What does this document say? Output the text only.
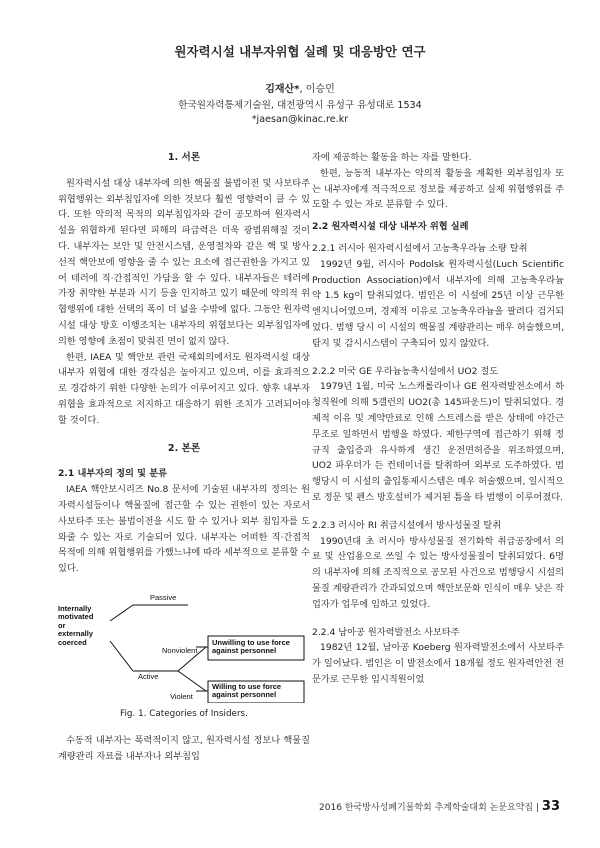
원자력시설 내부자위협 실례 및 대응방안 연구
김재산*, 이승민
한국원자력통제기술원, 대전광역시 유성구 유성대로 1534
*jaesan@kinac.re.kr

1. 서론

원자력시설 대상 내부자에 의한 핵물질 불법이전 및 사보타주 위협행위는 외부침입자에 의한 것보다 훨씬 영향력이 클 수 있다. 또한 악의적 목적의 외부침입자와 같이 공모하여 원자력시설을 위협하게 된다면 피해의 파급력은 더욱 광범위해질 것이다. 내부자는 보안 및 안전시스템, 운영절차와 같은 핵 및 방사선적 핵안보에 영향을 줄 수 있는 요소에 접근권한을 가지고 있어 테러에 직·간접적인 가담을 할 수 있다. 내부자들은 테러에 가장 취약한 부분과 시기 등을 인지하고 있기 때문에 악의적 위협행위에 대한 선택의 폭이 더 넓을 수밖에 없다. 그동안 원자력시설 대상 방호 이행조치는 내부자의 위협보다는 외부침입자에 의한 영향에 초점이 맞춰진 면이 없지 않다.

한편, IAEA 및 핵안보 관련 국제회의에서도 원자력시설 대상 내부자 위협에 대한 경각심은 높아지고 있으며, 이를 효과적으로 경감하기 위한 다양한 논의가 이루어지고 있다. 향후 내부자 위협을 효과적으로 저지하고 대응하기 위한 조치가 고려되어야 할 것이다.

2. 본론

2.1 내부자의 정의 및 분류

IAEA 핵안보시리즈 No.8 문서에 기술된 내부자의 정의는 원자력시설등이나 핵물질에 접근할 수 있는 권한이 있는 자로서 사보타주 또는 불법이전을 시도 할 수 있거나 외부 침입자를 도와줄 수 있는 자로 기술되어 있다. 내부자는 어떠한 직·간접적 목적에 의해 위협행위를 가했느냐에 따라 세부적으로 분류할 수 있다.

Internally
motivated
or
externally
coerced
Passive
Active
Nonviolent
Violent
Unwilling to use force
against personnel
Willing to use force
against personnel

Fig. 1. Categories of Insiders.

수동적 내부자는 폭력적이지 않고, 원자력시설 정보나 핵물질 계량관리 자료를 내부자나 외부침입

자에 제공하는 활동을 하는 자를 말한다.

한편, 능동적 내부자는 악의적 활동을 계획한 외부침입자 또는 내부자에게 적극적으로 정보를 제공하고 실제 위협행위를 주도할 수 있는 자로 분류할 수 있다.

2.2 원자력시설 대상 내부자 위협 실례

2.2.1 러시아 원자력시설에서 고농축우라늄 소량 탈취

1992년 9월, 러시아 Podolsk 원자력시설(Luch Scientific Production Association)에서 내부자에 의해 고농축우라늄 약 1.5 kg이 탈취되었다. 범인은 이 시설에 25년 이상 근무한 엔지니어였으며, 경제적 이유로 고농축우라늄을 팔려다 검거되었다. 범행 당시 이 시설의 핵물질 계량관리는 매우 허술했으며, 탐지 및 감시시스템이 구축되어 있지 않았다.

2.2.2 미국 GE 우라늄농축시설에서 UO2 절도

1979년 1월, 미국 노스캐롤라이나 GE 원자력발전소에서 하청직원에 의해 5갤런의 UO2(총 145파운드)이 탈취되었다. 경제적 이유 및 계약만료로 인해 스트레스를 받은 상태에 야간근무조로 일하면서 범행을 하였다. 제한구역에 접근하기 위해 정규직 출입증과 유사하게 생긴 운전면허증을 위조하였으며, UO2 파우더가 든 컨테이너를 탈취하여 외부로 도주하였다. 범행당시 이 시설의 출입통제시스템은 매우 허술했으며, 일시적으로 정문 및 펜스 방호설비가 제거된 틈을 타 범행이 이루어졌다.

2.2.3 러시아 RI 취급시설에서 방사성물질 탈취

1990년대 초 러시아 방사성물질 전기화학 취급공장에서 의료 및 산업용으로 쓰일 수 있는 방사성물질이 탈취되었다. 6명의 내부자에 의해 조직적으로 공모된 사건으로 범행당시 시설의 물질 계량관리가 간과되었으며 핵안보문화 인식이 매우 낮은 작업자가 업무에 임하고 있었다.

2.2.4 남아공 원자력발전소 사보타주

1982년 12월, 남아공 Koeberg 원자력발전소에서 사보타주가 일어났다. 범인은 이 발전소에서 18개월 정도 원자력안전 전문가로 근무한 임시직원이었

2016 한국방사성폐기물학회 추계학술대회 논문요약집 | 33
